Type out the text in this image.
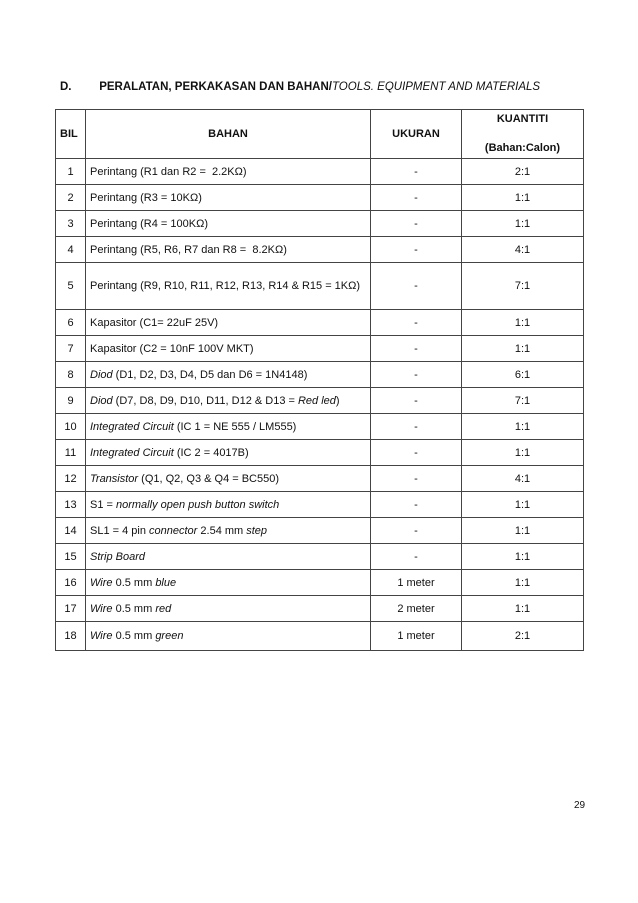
D. PERALATAN, PERKAKASAN DAN BAHAN/TOOLS. EQUIPMENT AND MATERIALS
BIL	BAHAN	UKURAN	KUANTITI
(Bahan:Calon)

1	Perintang (R1 dan R2 =  2.2KΩ)	-	2:1
2	Perintang (R3 = 10KΩ)	-	1:1
3	Perintang (R4 = 100KΩ)	-	1:1
4	Perintang (R5, R6, R7 dan R8 =  8.2KΩ)	-	4:1
5	Perintang (R9, R10, R11, R12, R13, R14 & R15 = 1KΩ)	-	7:1
6	Kapasitor (C1= 22uF 25V)	-	1:1
7	Kapasitor (C2 = 10nF 100V MKT)	-	1:1
8	Diod (D1, D2, D3, D4, D5 dan D6 = 1N4148)	-	6:1
9	Diod (D7, D8, D9, D10, D11, D12 & D13 = Red led)	-	7:1
10	Integrated Circuit (IC 1 = NE 555 / LM555)	-	1:1
11	Integrated Circuit (IC 2 = 4017B)	-	1:1
12	Transistor (Q1, Q2, Q3 & Q4 = BC550)	-	4:1
13	S1 = normally open push button switch	-	1:1
14	SL1 = 4 pin connector 2.54 mm step	-	1:1
15	Strip Board	-	1:1
16	Wire 0.5 mm blue	1 meter	1:1
17	Wire 0.5 mm red	2 meter	1:1
18	Wire 0.5 mm green	1 meter	2:1
29
